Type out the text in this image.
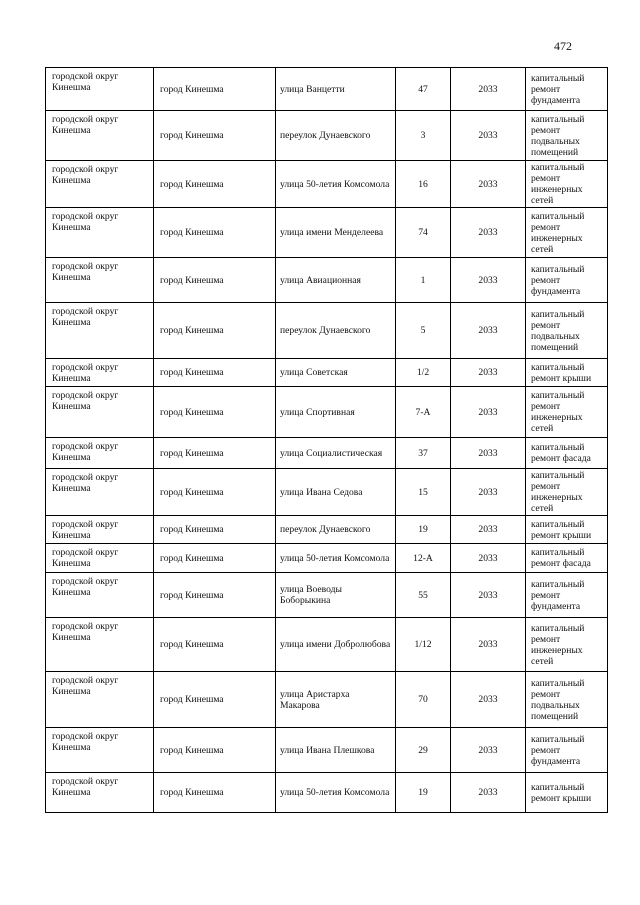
472
городской округ Кинешма	город Кинешма	улица Ванцетти	47	2033	капитальный ремонт фундамента
городской округ Кинешма	город Кинешма	переулок Дунаевского	3	2033	капитальный ремонт подвальных помещений
городской округ Кинешма	город Кинешма	улица 50-летия Комсомола	16	2033	капитальный ремонт инженерных сетей
городской округ Кинешма	город Кинешма	улица имени Менделеева	74	2033	капитальный ремонт инженерных сетей
городской округ Кинешма	город Кинешма	улица Авиационная	1	2033	капитальный ремонт фундамента
городской округ Кинешма	город Кинешма	переулок Дунаевского	5	2033	капитальный ремонт подвальных помещений
городской округ Кинешма	город Кинешма	улица Советская	1/2	2033	капитальный ремонт крыши
городской округ Кинешма	город Кинешма	улица Спортивная	7-А	2033	капитальный ремонт инженерных сетей
городской округ Кинешма	город Кинешма	улица Социалистическая	37	2033	капитальный ремонт фасада
городской округ Кинешма	город Кинешма	улица Ивана Седова	15	2033	капитальный ремонт инженерных сетей
городской округ Кинешма	город Кинешма	переулок Дунаевского	19	2033	капитальный ремонт крыши
городской округ Кинешма	город Кинешма	улица 50-летия Комсомола	12-А	2033	капитальный ремонт фасада
городской округ Кинешма	город Кинешма	улица Воеводы Боборыкина	55	2033	капитальный ремонт фундамента
городской округ Кинешма	город Кинешма	улица имени Добролюбова	1/12	2033	капитальный ремонт инженерных сетей
городской округ Кинешма	город Кинешма	улица Аристарха Макарова	70	2033	капитальный ремонт подвальных помещений
городской округ Кинешма	город Кинешма	улица Ивана Плешкова	29	2033	капитальный ремонт фундамента
городской округ Кинешма	город Кинешма	улица 50-летия Комсомола	19	2033	капитальный ремонт крыши
